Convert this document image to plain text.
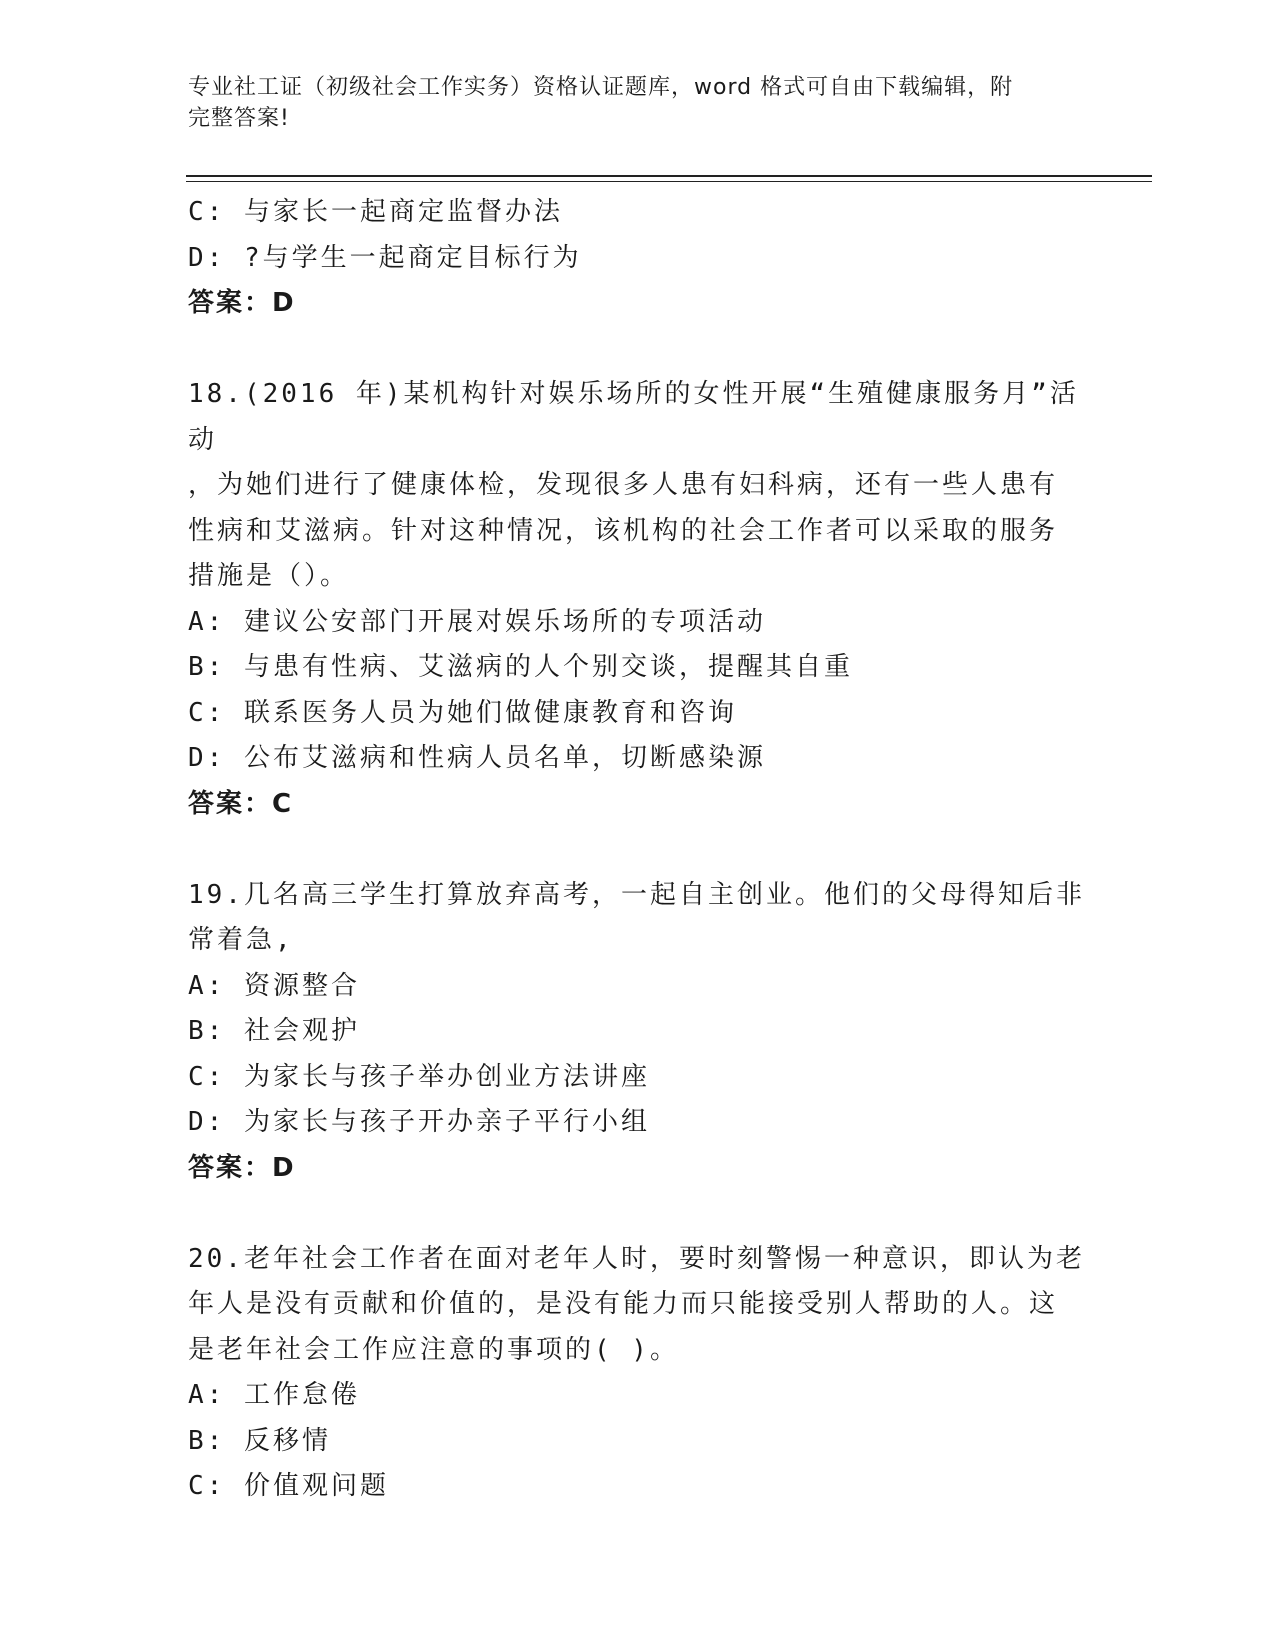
专业社工证（初级社会工作实务）资格认证题库，word 格式可自由下载编辑，附
完整答案!
C: 与家长一起商定监督办法
D: ?与学生一起商定目标行为
答案：D
18.(2016 年)某机构针对娱乐场所的女性开展“生殖健康服务月”活动
，为她们进行了健康体检，发现很多人患有妇科病，还有一些人患有
性病和艾滋病。针对这种情况，该机构的社会工作者可以采取的服务
措施是（）。
A: 建议公安部门开展对娱乐场所的专项活动
B: 与患有性病、艾滋病的人个别交谈，提醒其自重
C: 联系医务人员为她们做健康教育和咨询
D: 公布艾滋病和性病人员名单，切断感染源
答案：C
19.几名高三学生打算放弃高考，一起自主创业。他们的父母得知后非
常着急,
A: 资源整合
B: 社会观护
C: 为家长与孩子举办创业方法讲座
D: 为家长与孩子开办亲子平行小组
答案：D
20.老年社会工作者在面对老年人时，要时刻警惕一种意识，即认为老
年人是没有贡献和价值的，是没有能力而只能接受别人帮助的人。这
是老年社会工作应注意的事项的( )。
A: 工作怠倦
B: 反移情
C: 价值观问题
